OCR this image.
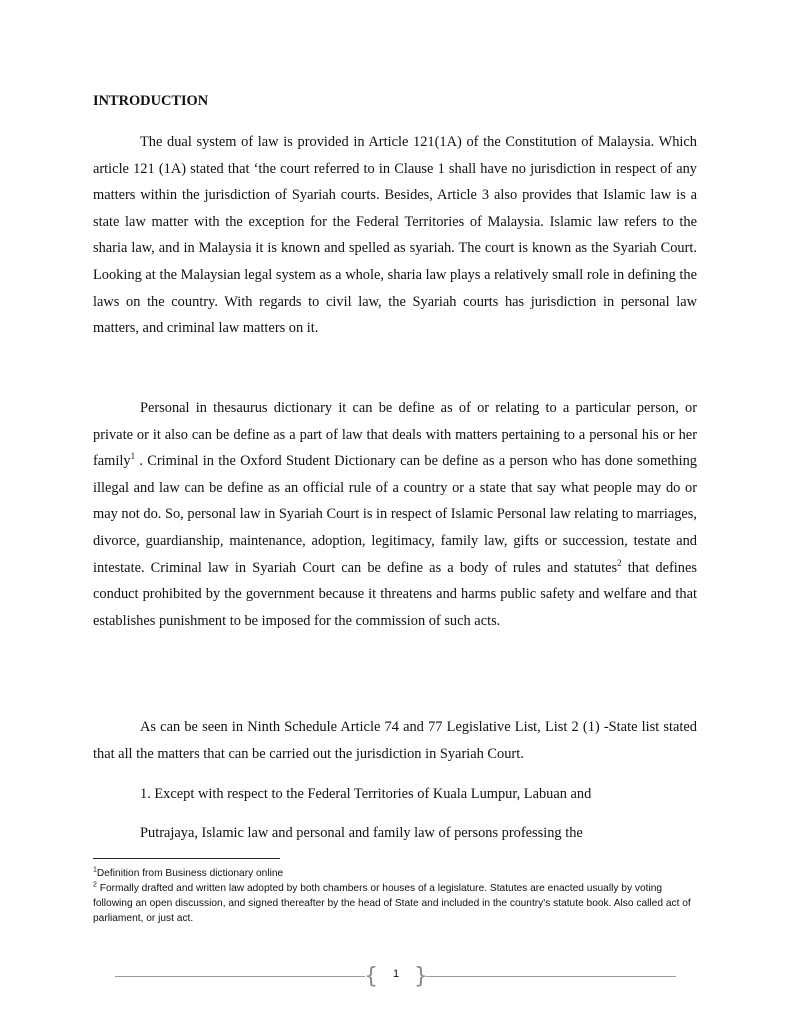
INTRODUCTION

The dual system of law is provided in Article 121(1A) of the Constitution of Malaysia. Which article 121 (1A) stated that ‘the court referred to in Clause 1 shall have no jurisdiction in respect of any matters within the jurisdiction of Syariah courts. Besides, Article 3 also provides that Islamic law is a state law matter with the exception for the Federal Territories of Malaysia. Islamic law refers to the sharia law, and in Malaysia it is known and spelled as syariah. The court is known as the Syariah Court. Looking at the Malaysian legal system as a whole, sharia law plays a relatively small role in defining the laws on the country. With regards to civil law, the Syariah courts has jurisdiction in personal law matters, and criminal law matters on it.

Personal in thesaurus dictionary it can be define as of or relating to a particular person, or private or it also can be define as a part of law that deals with matters pertaining to a personal his or her family$^1$ . Criminal in the Oxford Student Dictionary can be define as a person who has done something illegal and law can be define as an official rule of a country or a state that say what people may do or may not do. So, personal law in Syariah Court is in respect of Islamic Personal law relating to marriages, divorce, guardianship, maintenance, adoption, legitimacy, family law, gifts or succession, testate and intestate. Criminal law in Syariah Court can be define as a body of rules and statutes$^2$ that defines conduct prohibited by the government because it threatens and harms public safety and welfare and that establishes punishment to be imposed for the commission of such acts.

As can be seen in Ninth Schedule Article 74 and 77 Legislative List, List 2 (1) -State list stated that all the matters that can be carried out the jurisdiction in Syariah Court.

1. Except with respect to the Federal Territories of Kuala Lumpur, Labuan and
Putrajaya, Islamic law and personal and family law of persons professing the

$^1$Definition from Business dictionary online

$^2$ Formally drafted and written law adopted by both chambers or houses of a legislature. Statutes are enacted usually by voting following an open discussion, and signed thereafter by the head of State and included in the country's statute book. Also called act of parliament, or just act.

{ }
1
